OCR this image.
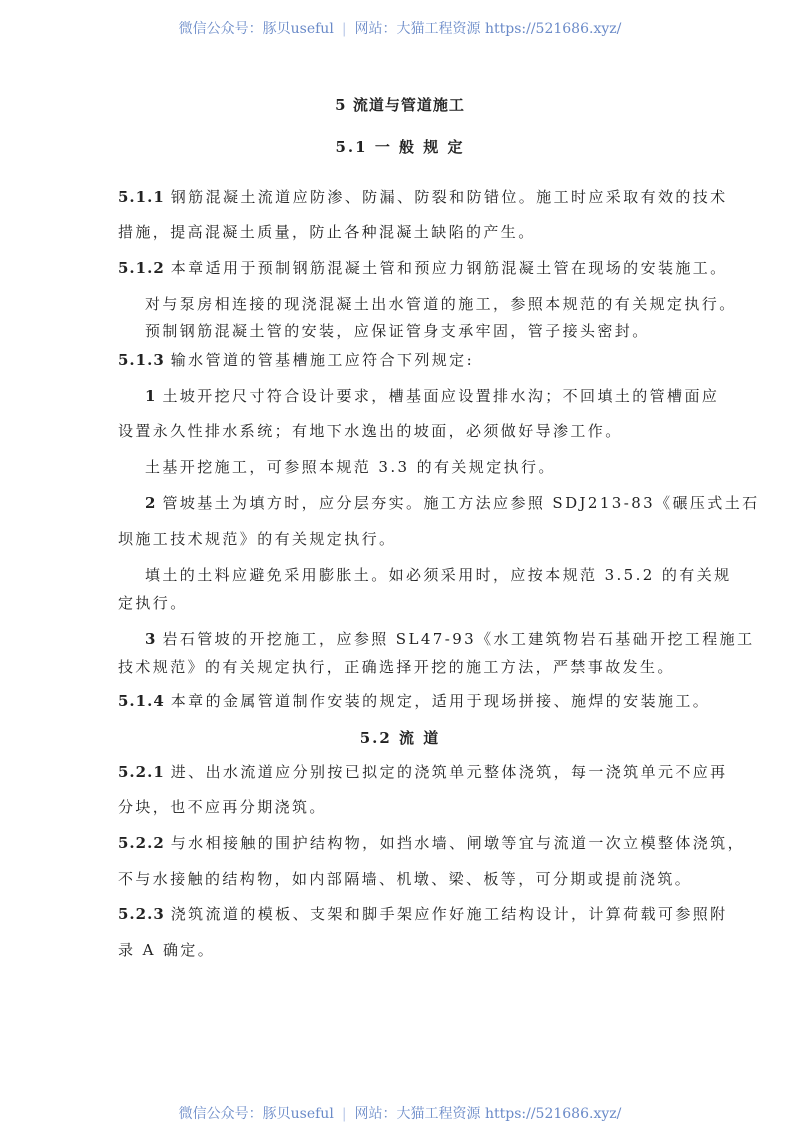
微信公众号：豚贝useful | 网站：大猫工程资源 https://521686.xyz/
5 流道与管道施工
5.1 一 般 规 定
5.1.1 钢筋混凝土流道应防渗、防漏、防裂和防错位。施工时应采取有效的技术
措施，提高混凝土质量，防止各种混凝土缺陷的产生。
5.1.2 本章适用于预制钢筋混凝土管和预应力钢筋混凝土管在现场的安装施工。
对与泵房相连接的现浇混凝土出水管道的施工，参照本规范的有关规定执行。
预制钢筋混凝土管的安装，应保证管身支承牢固，管子接头密封。
5.1.3 输水管道的管基槽施工应符合下列规定:
1 土坡开挖尺寸符合设计要求，槽基面应设置排水沟；不回填土的管槽面应
设置永久性排水系统；有地下水逸出的坡面，必须做好导渗工作。
土基开挖施工，可参照本规范 3.3 的有关规定执行。
2 管坡基土为填方时，应分层夯实。施工方法应参照 SDJ213-83《碾压式土石
坝施工技术规范》的有关规定执行。
填土的土料应避免采用膨胀土。如必须采用时，应按本规范 3.5.2 的有关规
定执行。
3 岩石管坡的开挖施工，应参照 SL47-93《水工建筑物岩石基础开挖工程施工
技术规范》的有关规定执行，正确选择开挖的施工方法，严禁事故发生。
5.1.4 本章的金属管道制作安装的规定，适用于现场拼接、施焊的安装施工。
5.2.1 进、出水流道应分别按已拟定的浇筑单元整体浇筑，每一浇筑单元不应再
分块，也不应再分期浇筑。
5.2.2 与水相接触的围护结构物，如挡水墙、闸墩等宜与流道一次立模整体浇筑，
不与水接触的结构物，如内部隔墙、机墩、梁、板等，可分期或提前浇筑。
5.2.3 浇筑流道的模板、支架和脚手架应作好施工结构设计，计算荷载可参照附
录 A 确定。
5.2 流 道
微信公众号：豚贝useful | 网站：大猫工程资源 https://521686.xyz/
